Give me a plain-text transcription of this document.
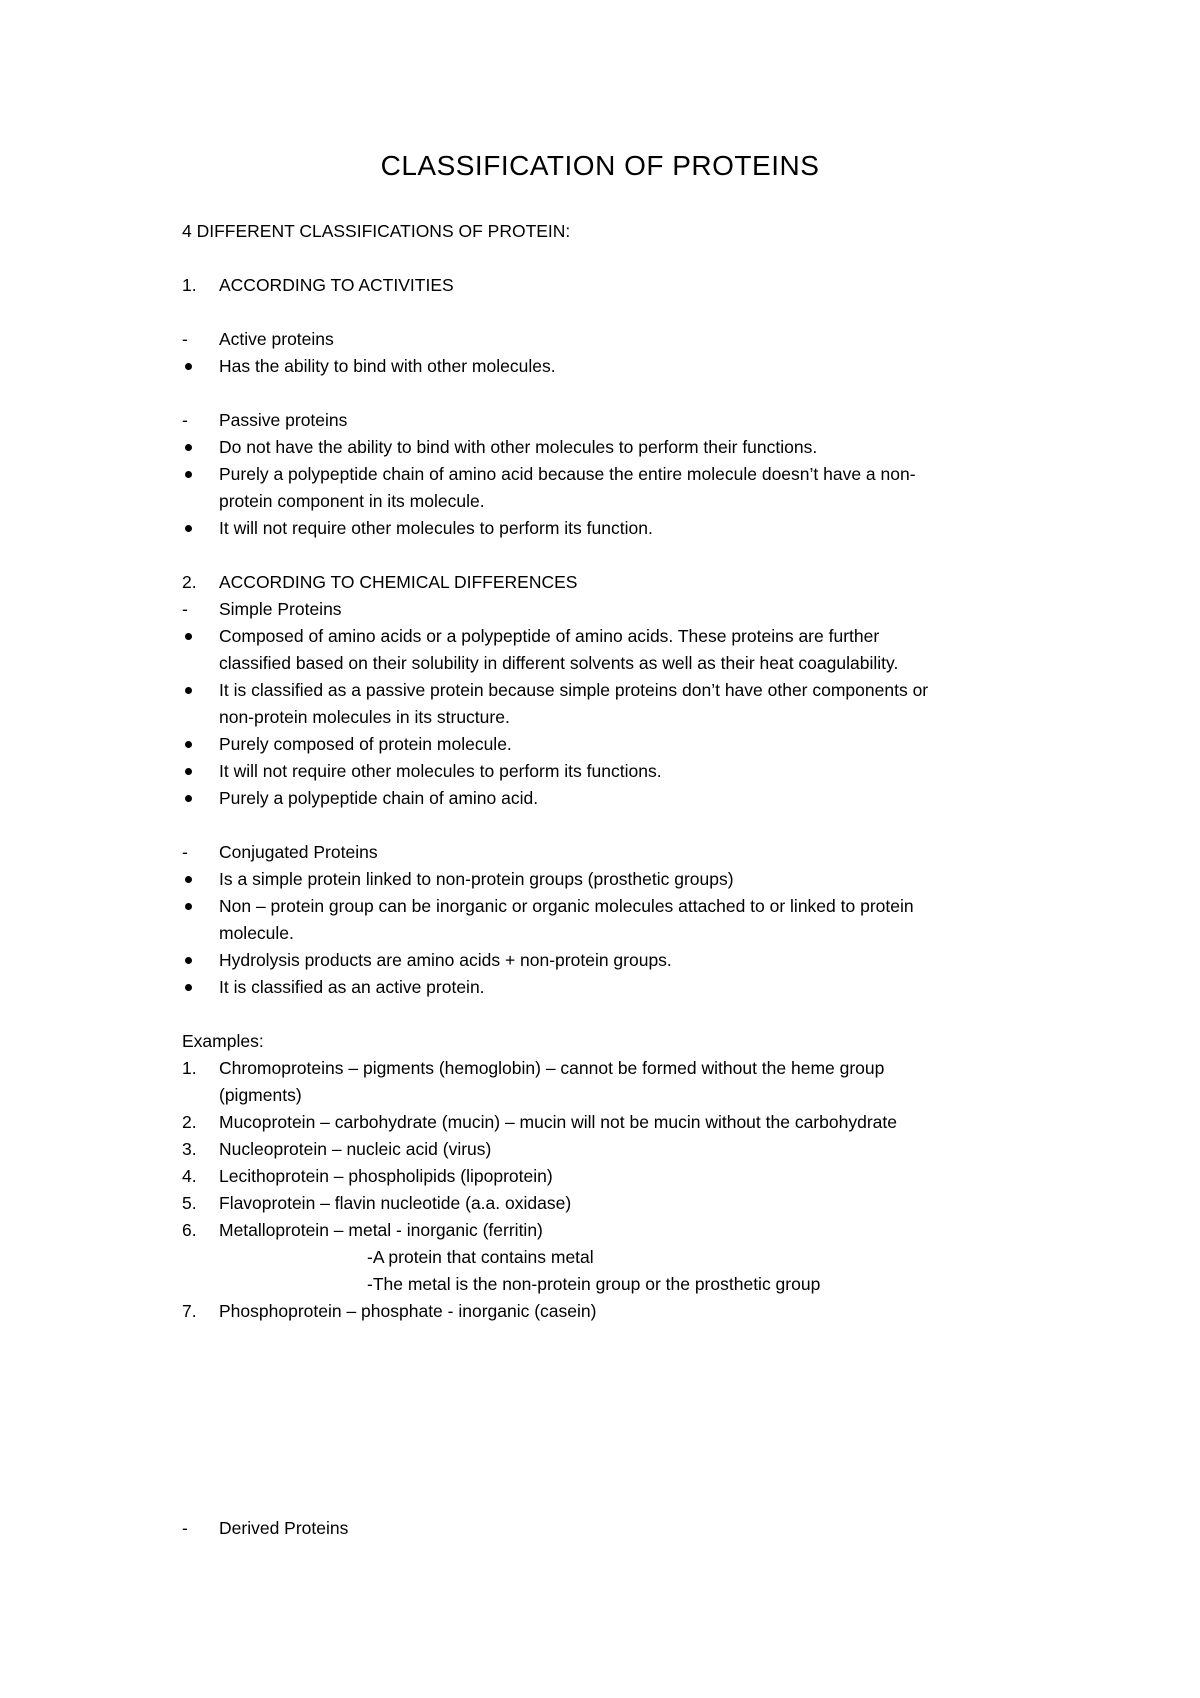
CLASSIFICATION OF PROTEINS
4 DIFFERENT CLASSIFICATIONS OF PROTEIN:
1. ACCORDING TO ACTIVITIES
- Active proteins
Has the ability to bind with other molecules.
- Passive proteins
Do not have the ability to bind with other molecules to perform their functions.
Purely a polypeptide chain of amino acid because the entire molecule doesn’t have a non-
protein component in its molecule.
It will not require other molecules to perform its function.
2. ACCORDING TO CHEMICAL DIFFERENCES
- Simple Proteins
Composed of amino acids or a polypeptide of amino acids. These proteins are further
classified based on their solubility in different solvents as well as their heat coagulability.
It is classified as a passive protein because simple proteins don’t have other components or
non-protein molecules in its structure.
Purely composed of protein molecule.
It will not require other molecules to perform its functions.
Purely a polypeptide chain of amino acid.
- Conjugated Proteins
Is a simple protein linked to non-protein groups (prosthetic groups)
Non – protein group can be inorganic or organic molecules attached to or linked to protein
molecule.
Hydrolysis products are amino acids + non-protein groups.
It is classified as an active protein.
Examples:
1. Chromoproteins – pigments (hemoglobin) – cannot be formed without the heme group
(pigments)
2. Mucoprotein – carbohydrate (mucin) – mucin will not be mucin without the carbohydrate
3. Nucleoprotein – nucleic acid (virus)
4. Lecithoprotein – phospholipids (lipoprotein)
5. Flavoprotein – flavin nucleotide (a.a. oxidase)
6. Metalloprotein – metal - inorganic (ferritin)
-A protein that contains metal
-The metal is the non-protein group or the prosthetic group
7. Phosphoprotein – phosphate - inorganic (casein)
- Derived Proteins
